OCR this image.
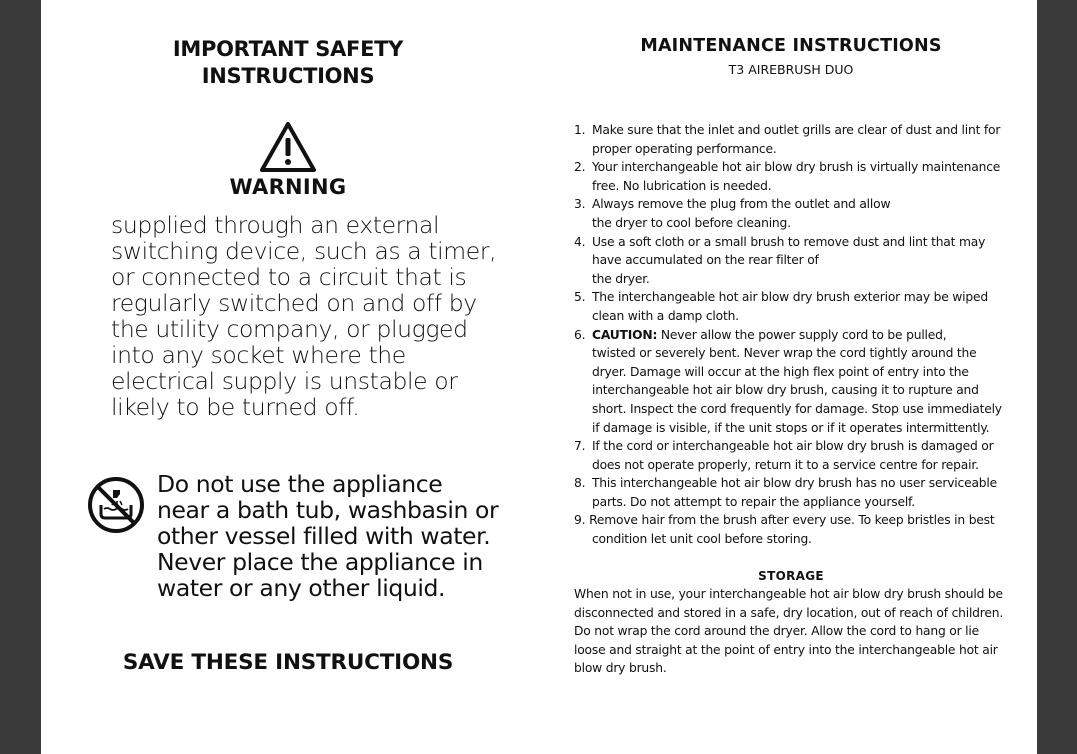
IMPORTANT SAFETY
INSTRUCTIONS
WARNING
supplied through an external
switching device, such as a timer,
or connected to a circuit that is
regularly switched on and off by
the utility company, or plugged
into any socket where the
electrical supply is unstable or
likely to be turned off.
Do not use the appliance
near a bath tub, washbasin or
other vessel filled with water.
Never place the appliance in
water or any other liquid.
SAVE THESE INSTRUCTIONS
MAINTENANCE INSTRUCTIONS
T3 AIREBRUSH DUO
1. Make sure that the inlet and outlet grills are clear of dust and lint for
proper operating performance.
2. Your interchangeable hot air blow dry brush is virtually maintenance
free. No lubrication is needed.
3. Always remove the plug from the outlet and allow
the dryer to cool before cleaning.
4. Use a soft cloth or a small brush to remove dust and lint that may
have accumulated on the rear filter of
the dryer.
5. The interchangeable hot air blow dry brush exterior may be wiped
clean with a damp cloth.
6. CAUTION: Never allow the power supply cord to be pulled,
twisted or severely bent. Never wrap the cord tightly around the
dryer. Damage will occur at the high flex point of entry into the
interchangeable hot air blow dry brush, causing it to rupture and
short. Inspect the cord frequently for damage. Stop use immediately
if damage is visible, if the unit stops or if it operates intermittently.
7. If the cord or interchangeable hot air blow dry brush is damaged or
does not operate properly, return it to a service centre for repair.
8. This interchangeable hot air blow dry brush has no user serviceable
parts. Do not attempt to repair the appliance yourself.
9. Remove hair from the brush after every use. To keep bristles in best
condition let unit cool before storing.
STORAGE
When not in use, your interchangeable hot air blow dry brush should be
disconnected and stored in a safe, dry location, out of reach of children.
Do not wrap the cord around the dryer. Allow the cord to hang or lie
loose and straight at the point of entry into the interchangeable hot air
blow dry brush.
